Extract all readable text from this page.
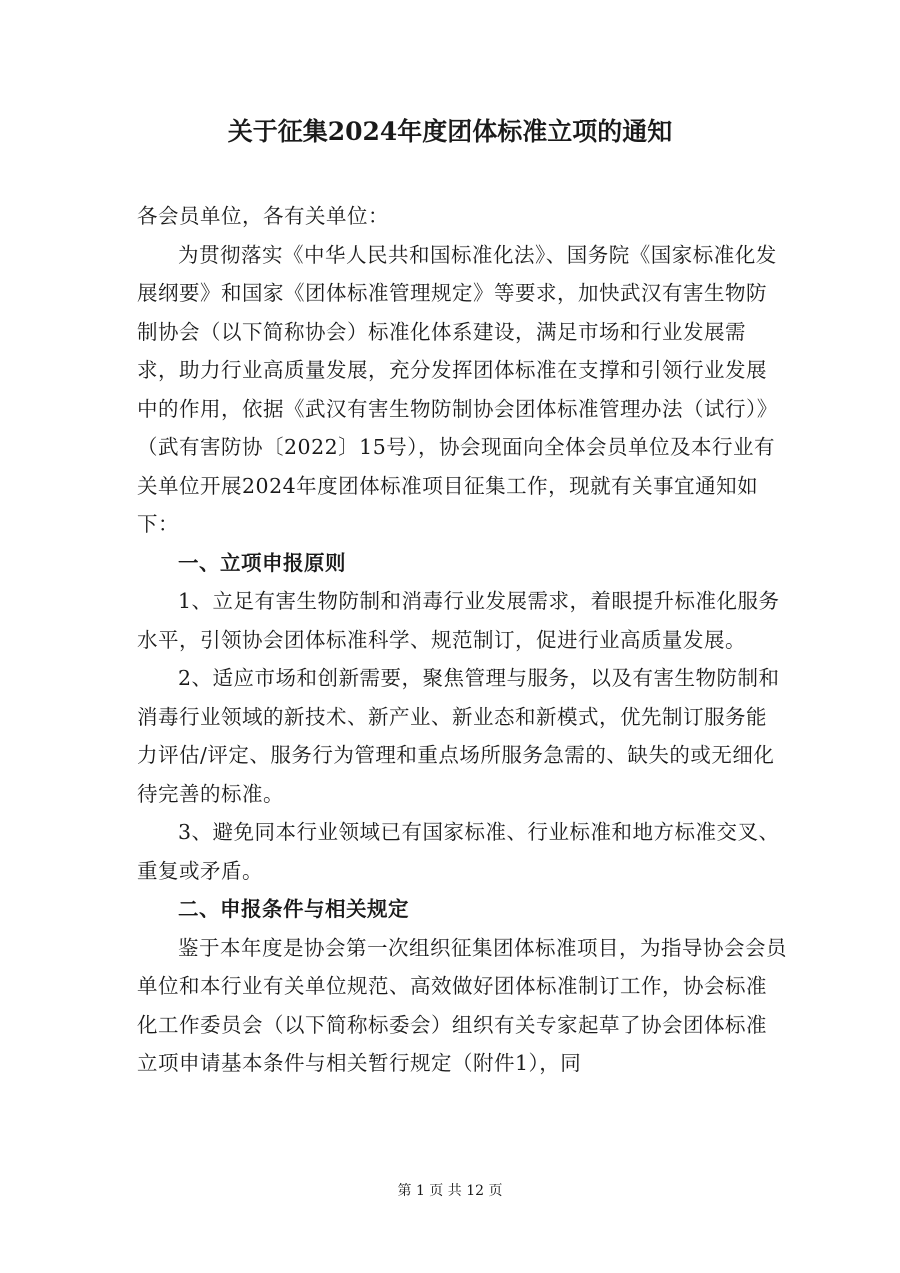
关于征集2024年度团体标准立项的通知

各会员单位，各有关单位：

为贯彻落实《中华人民共和国标准化法》、国务院《国家标准化发展纲要》和国家《团体标准管理规定》等要求，加快武汉有害生物防制协会（以下简称协会）标准化体系建设，满足市场和行业发展需求，助力行业高质量发展，充分发挥团体标准在支撑和引领行业发展中的作用，依据《武汉有害生物防制协会团体标准管理办法（试行）》（武有害防协〔2022〕15号），协会现面向全体会员单位及本行业有关单位开展2024年度团体标准项目征集工作，现就有关事宜通知如下：

一、立项申报原则

1、立足有害生物防制和消毒行业发展需求，着眼提升标准化服务水平，引领协会团体标准科学、规范制订，促进行业高质量发展。

2、适应市场和创新需要，聚焦管理与服务，以及有害生物防制和消毒行业领域的新技术、新产业、新业态和新模式，优先制订服务能力评估/评定、服务行为管理和重点场所服务急需的、缺失的或无细化待完善的标准。

3、避免同本行业领域已有国家标准、行业标准和地方标准交叉、重复或矛盾。

二、申报条件与相关规定

鉴于本年度是协会第一次组织征集团体标准项目，为指导协会会员单位和本行业有关单位规范、高效做好团体标准制订工作，协会标准化工作委员会（以下简称标委会）组织有关专家起草了协会团体标准立项申请基本条件与相关暂行规定（附件1），同

第 1 页 共 12 页
